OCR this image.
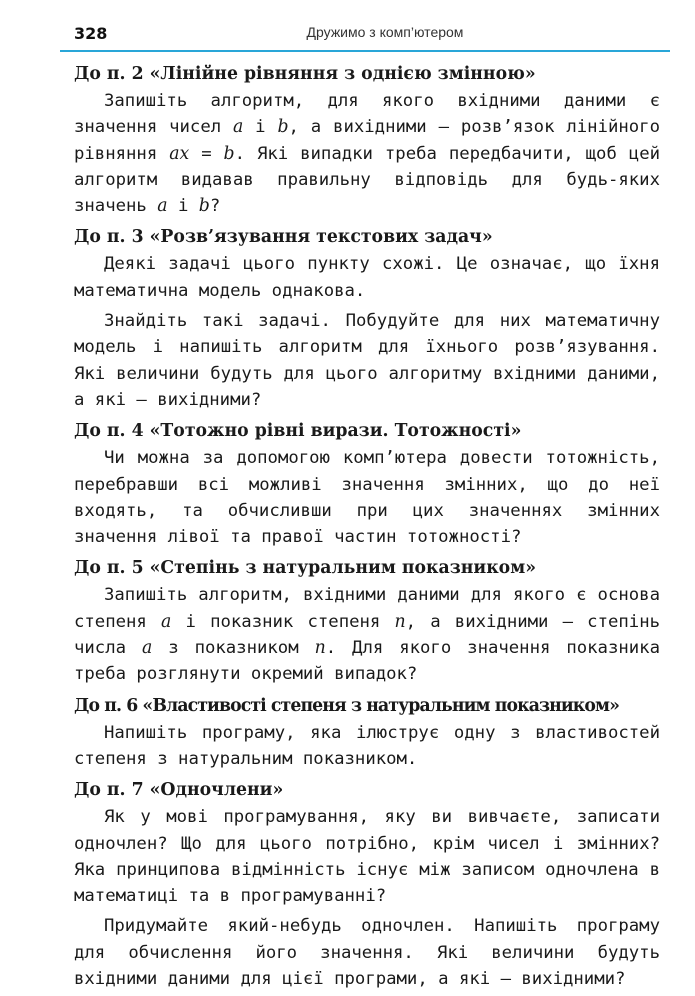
328	Дружимо з комп’ютером

До п. 2 «Лінійне рівняння з однією змінною»

Запишіть алгоритм, для якого вхідними даними є значення чисел a і b, а вихідними — розв’язок лінійного рівняння ax = b. Які випадки треба передбачити, щоб цей алгоритм видавав правильну відповідь для будь-яких значень a і b?

До п. 3 «Розв’язування текстових задач»

Деякі задачі цього пункту схожі. Це означає, що їхня математична модель однакова.

Знайдіть такі задачі. Побудуйте для них математичну модель і напишіть алгоритм для їхнього розв’язування. Які величини будуть для цього алгоритму вхідними даними, а які — вихідними?

До п. 4 «Тотожно рівні вирази. Тотожності»

Чи можна за допомогою комп’ютера довести тотожність, перебравши всі можливі значення змінних, що до неї входять, та обчисливши при цих значеннях змінних значення лівої та правої частин тотожності?

До п. 5 «Степінь з натуральним показником»

Запишіть алгоритм, вхідними даними для якого є основа степеня a і показник степеня n, а вихідними — степінь числа a з показником n. Для якого значення показника треба розглянути окремий випадок?

До п. 6 «Властивості степеня з натуральним показником»

Напишіть програму, яка ілюструє одну з властивостей степеня з натуральним показником.

До п. 7 «Одночлени»

Як у мові програмування, яку ви вивчаєте, записати одночлен? Що для цього потрібно, крім чисел і змінних? Яка принципова відмінність існує між записом одночлена в математиці та в програмуванні?

Придумайте який-небудь одночлен. Напишіть програму для обчислення його значення. Які величини будуть вхідними даними для цієї програми, а які — вихідними?
